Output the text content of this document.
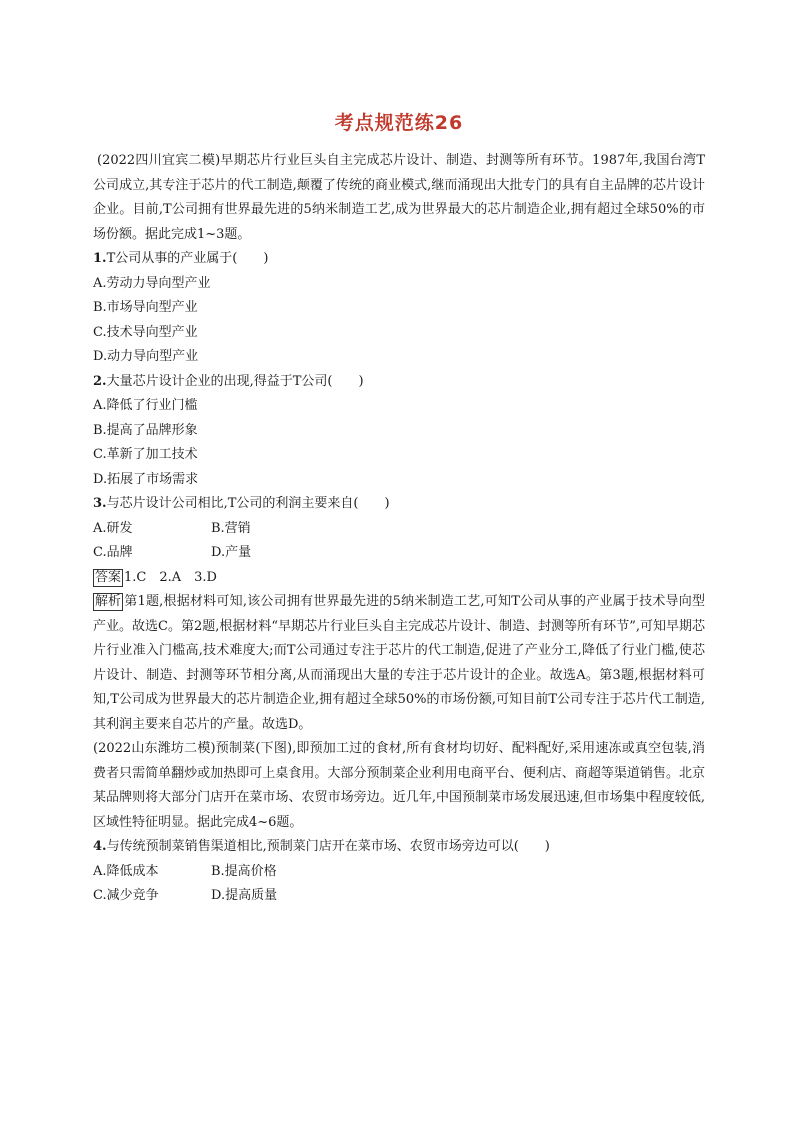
考点规范练26

(2022四川宜宾二模)早期芯片行业巨头自主完成芯片设计、制造、封测等所有环节。1987年,我国台湾T公司成立,其专注于芯片的代工制造,颠覆了传统的商业模式,继而涌现出大批专门的具有自主品牌的芯片设计企业。目前,T公司拥有世界最先进的5纳米制造工艺,成为世界最大的芯片制造企业,拥有超过全球50%的市场份额。据此完成1~3题。

1.T公司从事的产业属于(　　)

A.劳动力导向型产业

B.市场导向型产业

C.技术导向型产业

D.动力导向型产业

2.大量芯片设计企业的出现,得益于T公司(　　)

A.降低了行业门槛

B.提高了品牌形象

C.革新了加工技术

D.拓展了市场需求

3.与芯片设计公司相比,T公司的利润主要来自(　　)

A.研发	B.营销
C.品牌	D.产量

答案 1.C　2.A　3.D

解析 第1题,根据材料可知,该公司拥有世界最先进的5纳米制造工艺,可知T公司从事的产业属于技术导向型产业。故选C。第2题,根据材料“早期芯片行业巨头自主完成芯片设计、制造、封测等所有环节”,可知早期芯片行业准入门槛高,技术难度大;而T公司通过专注于芯片的代工制造,促进了产业分工,降低了行业门槛,使芯片设计、制造、封测等环节相分离,从而涌现出大量的专注于芯片设计的企业。故选A。第3题,根据材料可知,T公司成为世界最大的芯片制造企业,拥有超过全球50%的市场份额,可知目前T公司专注于芯片代工制造,其利润主要来自芯片的产量。故选D。

(2022山东潍坊二模)预制菜(下图),即预加工过的食材,所有食材均切好、配料配好,采用速冻或真空包装,消费者只需简单翻炒或加热即可上桌食用。大部分预制菜企业利用电商平台、便利店、商超等渠道销售。北京某品牌则将大部分门店开在菜市场、农贸市场旁边。近几年,中国预制菜市场发展迅速,但市场集中程度较低,区域性特征明显。据此完成4~6题。

4.与传统预制菜销售渠道相比,预制菜门店开在菜市场、农贸市场旁边可以(　　)

A.降低成本	B.提高价格
C.减少竞争	D.提高质量
